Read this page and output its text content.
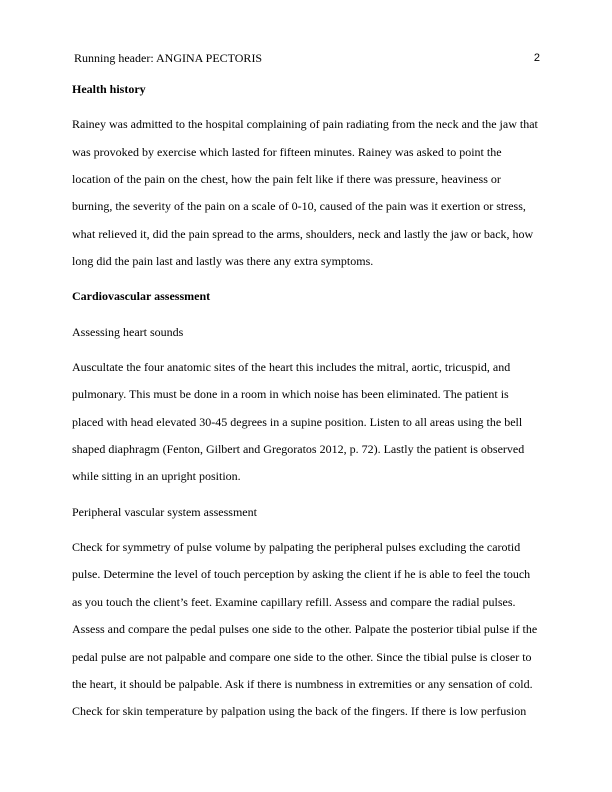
Running header: ANGINA PECTORIS	2

Health history

Rainey was admitted to the hospital complaining of pain radiating from the neck and the jaw that was provoked by exercise which lasted for fifteen minutes. Rainey was asked to point the location of the pain on the chest, how the pain felt like if there was pressure, heaviness or burning, the severity of the pain on a scale of 0-10, caused of the pain was it exertion or stress, what relieved it, did the pain spread to the arms, shoulders, neck and lastly the jaw or back, how long did the pain last and lastly was there any extra symptoms.

Cardiovascular assessment

Assessing heart sounds

Auscultate the four anatomic sites of the heart this includes the mitral, aortic, tricuspid, and pulmonary. This must be done in a room in which noise has been eliminated. The patient is placed with head elevated 30-45 degrees in a supine position. Listen to all areas using the bell shaped diaphragm (Fenton, Gilbert and Gregoratos 2012, p. 72). Lastly the patient is observed while sitting in an upright position.

Peripheral vascular system assessment

Check for symmetry of pulse volume by palpating the peripheral pulses excluding the carotid pulse. Determine the level of touch perception by asking the client if he is able to feel the touch as you touch the client’s feet. Examine capillary refill. Assess and compare the radial pulses. Assess and compare the pedal pulses one side to the other. Palpate the posterior tibial pulse if the pedal pulse are not palpable and compare one side to the other. Since the tibial pulse is closer to the heart, it should be palpable. Ask if there is numbness in extremities or any sensation of cold. Check for skin temperature by palpation using the back of the fingers. If there is low perfusion
